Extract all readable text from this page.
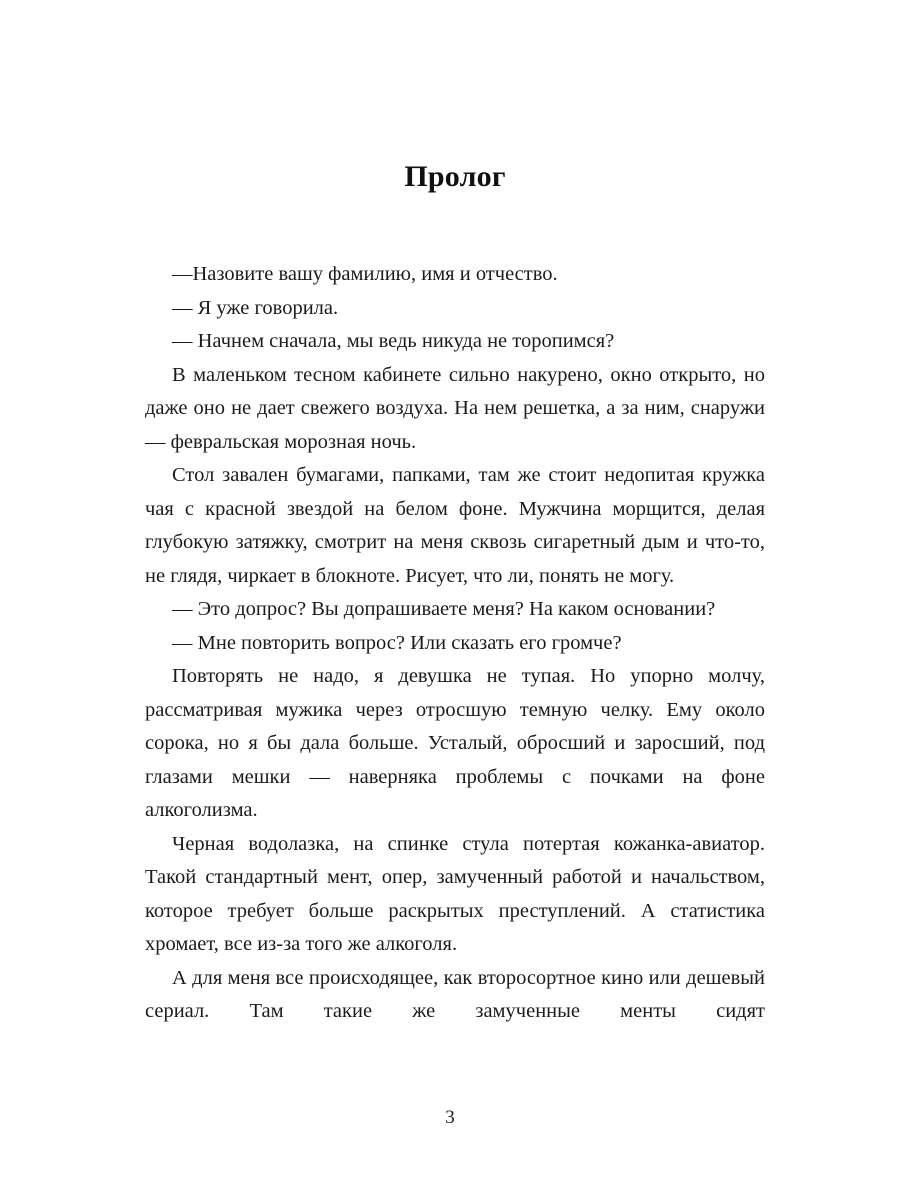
Пролог

—Назовите вашу фамилию, имя и отчество.

— Я уже говорила.

— Начнем сначала, мы ведь никуда не торопимся?

В маленьком тесном кабинете сильно накурено, окно открыто, но даже оно не дает свежего воздуха. На нем решетка, а за ним, снаружи — февральская морозная ночь.

Стол завален бумагами, папками, там же стоит недопитая кружка чая с красной звездой на белом фоне. Мужчина морщится, делая глубокую затяжку, смотрит на меня сквозь сигаретный дым и что-то, не глядя, чиркает в блокноте. Рисует, что ли, понять не могу.

— Это допрос? Вы допрашиваете меня? На каком основании?

— Мне повторить вопрос? Или сказать его громче?

Повторять не надо, я девушка не тупая. Но упорно молчу, рассматривая мужика через отросшую темную челку. Ему около сорока, но я бы дала больше. Усталый, обросший и заросший, под глазами мешки — наверняка проблемы с почками на фоне алкоголизма.

Черная водолазка, на спинке стула потертая кожанка-авиатор. Такой стандартный мент, опер, замученный работой и начальством, которое требует больше раскрытых преступлений. А статистика хромает, все из-за того же алкоголя.

А для меня все происходящее, как второсортное кино или дешевый сериал. Там такие же замученные менты сидят

3
